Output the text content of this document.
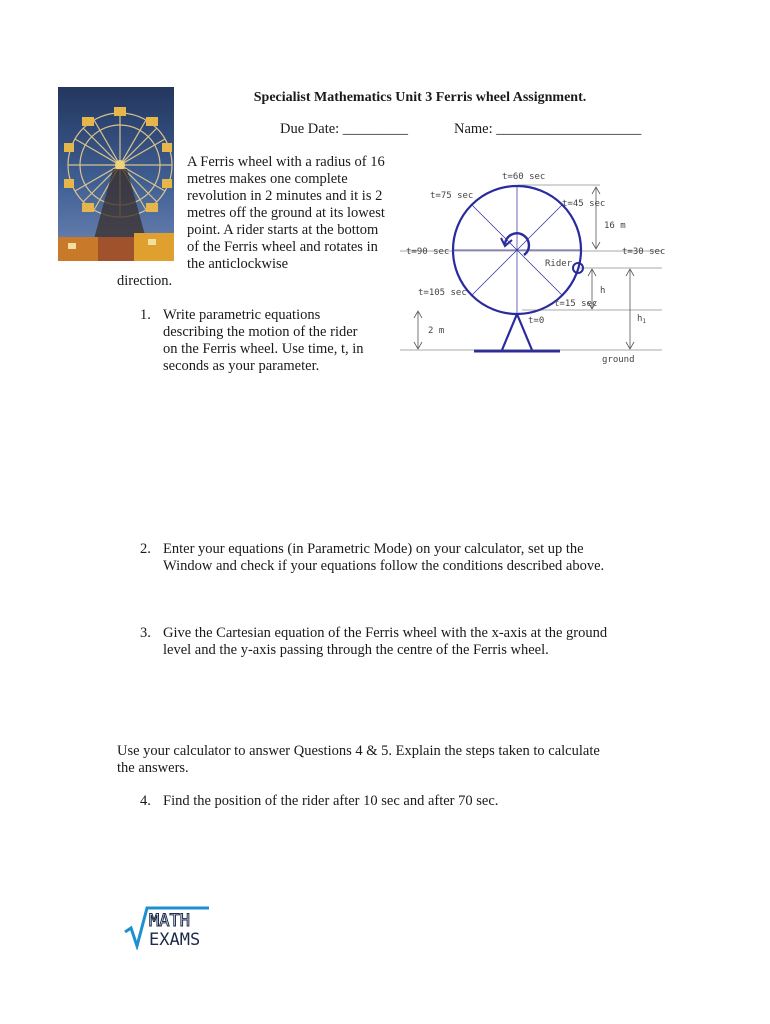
Specialist Mathematics Unit 3 Ferris wheel Assignment.
Due Date: _________	Name: ____________________
A Ferris wheel with a radius of 16 metres makes one complete revolution in 2 minutes and it is 2 metres off the ground at its lowest point. A rider starts at the bottom of the Ferris wheel and rotates in the anticlockwise
direction.
t=60 sec
t=75 sec
t=45 sec
16 m
t=90 sec	t=30 sec
Rider
h
t=105 sec
t=15 sec
t=0	$h_1$
2 m
ground
1. Write parametric equations
describing the motion of the rider
on the Ferris wheel. Use time, t, in
seconds as your parameter.
2. Enter your equations (in Parametric Mode) on your calculator, set up the
Window and check if your equations follow the conditions described above.
3. Give the Cartesian equation of the Ferris wheel with the x-axis at the ground
level and the y-axis passing through the centre of the Ferris wheel.
Use your calculator to answer Questions 4 & 5. Explain the steps taken to calculate
the answers.
4. Find the position of the rider after 10 sec and after 70 sec.
MATH
EXAMS
